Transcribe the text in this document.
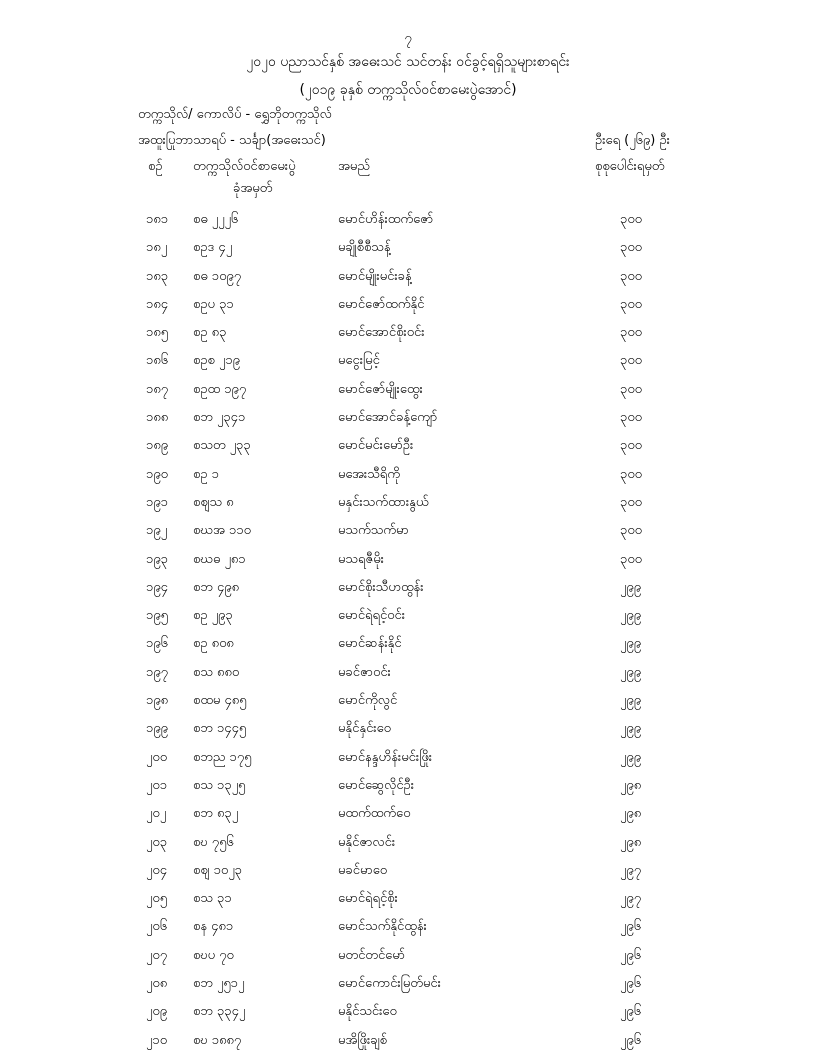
၇
၂၀၂၀ ပညာသင်နှစ် အဓေးသင် သင်တန်း ဝင်ခွင့်ရရှိသူများစာရင်း
(၂၀၁၉ ခုနှစ် တက္ကသိုလ်ဝင်စာမေးပွဲအောင်)
တက္ကသိုလ်/ ကောလိပ် - ရွှေဘိုတက္ကသိုလ်
အထူးပြုဘာသာရပ် - သင်္ချာ(အဓေးသင်)	ဦးရေ (၂၆၉) ဦး
စဉ် တက္ကသိုလ်ဝင်စာမေးပွဲ
ခုံအမှတ်
အမည်	စုစုပေါင်းရမှတ်
၁၈၁ စဓ ၂၂၂၆	မောင်ဟိန်းထက်ဇော်	၃၀၀
၁၈၂ စဥဒ ၄၂	မချိုစီစီသန့်	၃၀၀
၁၈၃ စဓ ၁၀၉၇	မောင်မျိုးမင်းခန့်	၃၀၀
၁၈၄ စဥပ ၃၁	မောင်ဇော်ထက်နိုင်	၃၀၀
၁၈၅ စဥ ၈၃	မောင်အောင်စိုးဝင်း	၃၀၀
၁၈၆ စဥစ ၂၁၉	မငွေးမြင့်	၃၀၀
၁၈၇ စဥထ ၁၉၇	မောင်ဇော်မျိုးထွေး	၃၀၀
၁၈၈ စဘ ၂၃၄၁	မောင်အောင်ခန့်ကျော်	၃၀၀
၁၈၉ စသတ ၂၃၃	မောင်မင်းမော်ဦး	၃၀၀
၁၉၀ စဥ ၁	မအေးသီရိကို	၃၀၀
၁၉၁ စဈသ ၈	မနှင်းသက်ထားနွယ်	၃၀၀
၁၉၂ စဃအ ၁၁၀	မသက်သက်မာ	၃၀၀
၁၉၃ စဃဓ ၂၈၁	မသရဇီမိုး	၃၀၀
၁၉၄ စဘ ၄၉၈	မောင်စိုးသီဟထွန်း	၂၉၉
၁၉၅ စဥ ၂၉၃	မောင်ရဲရင့်ဝင်း	၂၉၉
၁၉၆ စဥ ၈၀၈	မောင်ဆန်းနိုင်	၂၉၉
၁၉၇ စသ ၈၈၀	မခင်ဇာဝင်း	၂၉၉
၁၉၈ စထမ ၄၈၅	မောင်ကိုလွင်	၂၉၉
၁၉၉ စဘ ၁၄၄၅	မနိုင်နှင်းဝေ	၂၉၉
၂၀၀ စဘည ၁၇၅	မောင်နန္ဒဟိန်းမင်းဖြိုး	၂၉၉
၂၀၁ စသ ၁၃၂၅	မောင်ဆွေလိုင်ဦး	၂၉၈
၂၀၂ စဘ ၈၃၂	မထက်ထက်ဝေ	၂၉၈
၂၀၃ စဎ ၇၅၆	မနိုင်ဇာလင်း	၂၉၈
၂၀၄ စဈ ၁၀၂၃	မခင်မာဝေ	၂၉၇
၂၀၅ စသ ၃၁	မောင်ရဲရင့်စိုး	၂၉၇
၂၀၆ စန ၄၈၁	မောင်သက်နိုင်ထွန်း	၂၉၆
၂၀၇ စဎပ ၇၀	မတင်တင်မော်	၂၉၆
၂၀၈ စဘ ၂၅၁၂	မောင်ကောင်းမြတ်မင်း	၂၉၆
၂၀၉ စဘ ၃၃၄၂	မနိုင်သင်းဝေ	၂၉၆
၂၁၀ စဎ ၁၈၈၇	မအိဖြိုးချစ်	၂၉၆
